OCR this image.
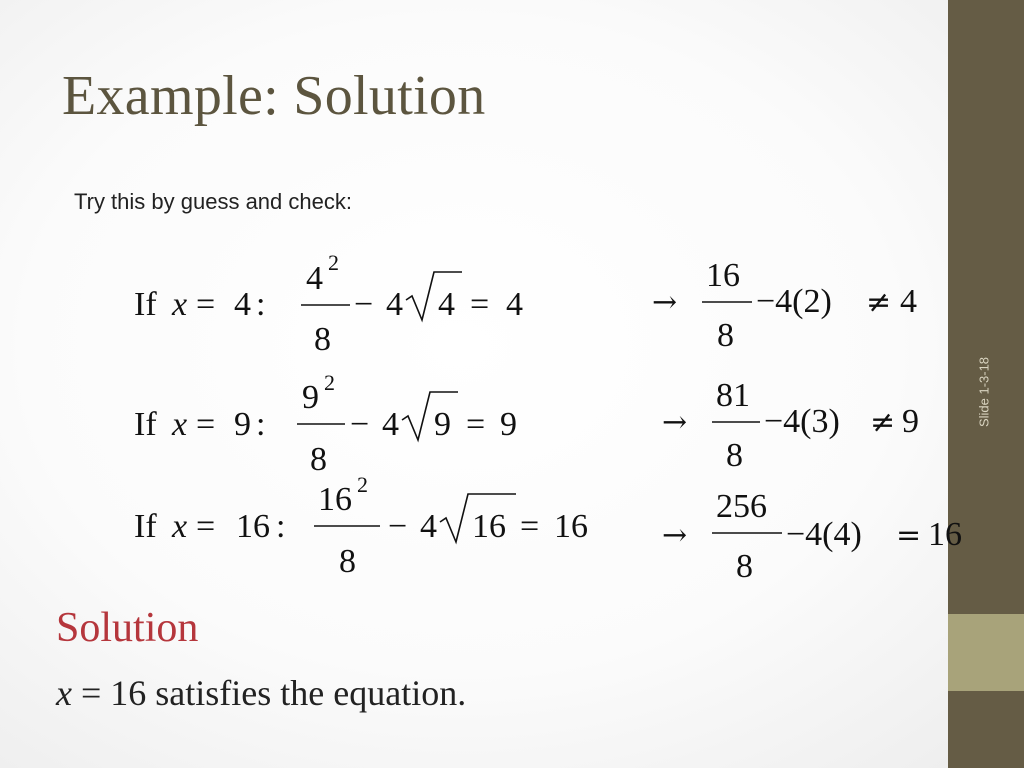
Slide 1-3-18
Example: Solution
Try this by guess and check:
If x = 4 :
4 2
8
− 4 4 = 4	→
16
8
−4(2) ≠ 4
If x = 9 :
9 2
8
− 4 9 = 9	→
81
8
−4(3) ≠ 9
If x = 16 :
16 2
8
− 4 16 = 16 →
256
8
−4(4) = 16
Solution
x = 16 satisfies the equation.
